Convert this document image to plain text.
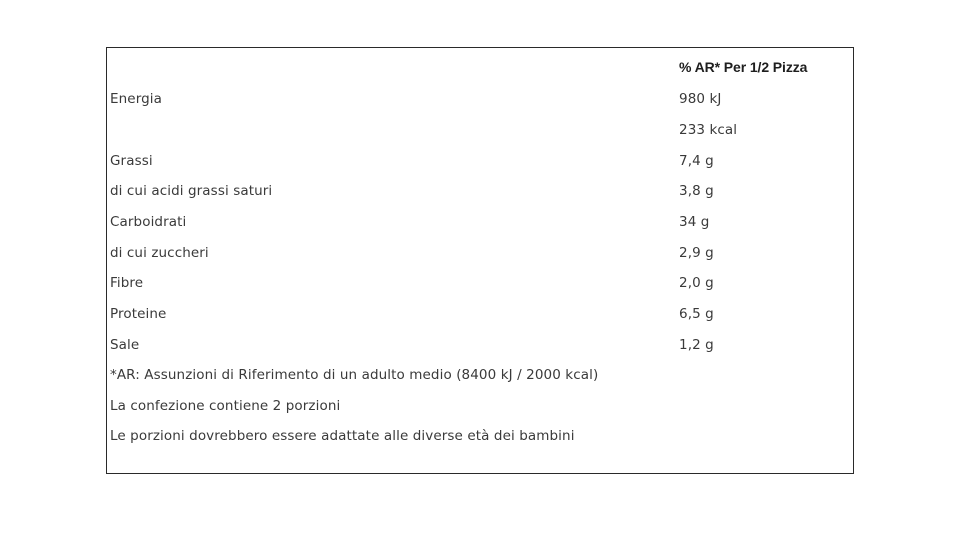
	% AR* Per 1/2 Pizza
Energia	980 kJ
	233 kcal
Grassi	7,4 g
di cui acidi grassi saturi	3,8 g
Carboidrati	34 g
di cui zuccheri	2,9 g
Fibre	2,0 g
Proteine	6,5 g
Sale	1,2 g

*AR: Assunzioni di Riferimento di un adulto medio (8400 kJ / 2000 kcal)	

La confezione contiene 2 porzioni	
Le porzioni dovrebbero essere adattate alle diverse età dei bambini	
